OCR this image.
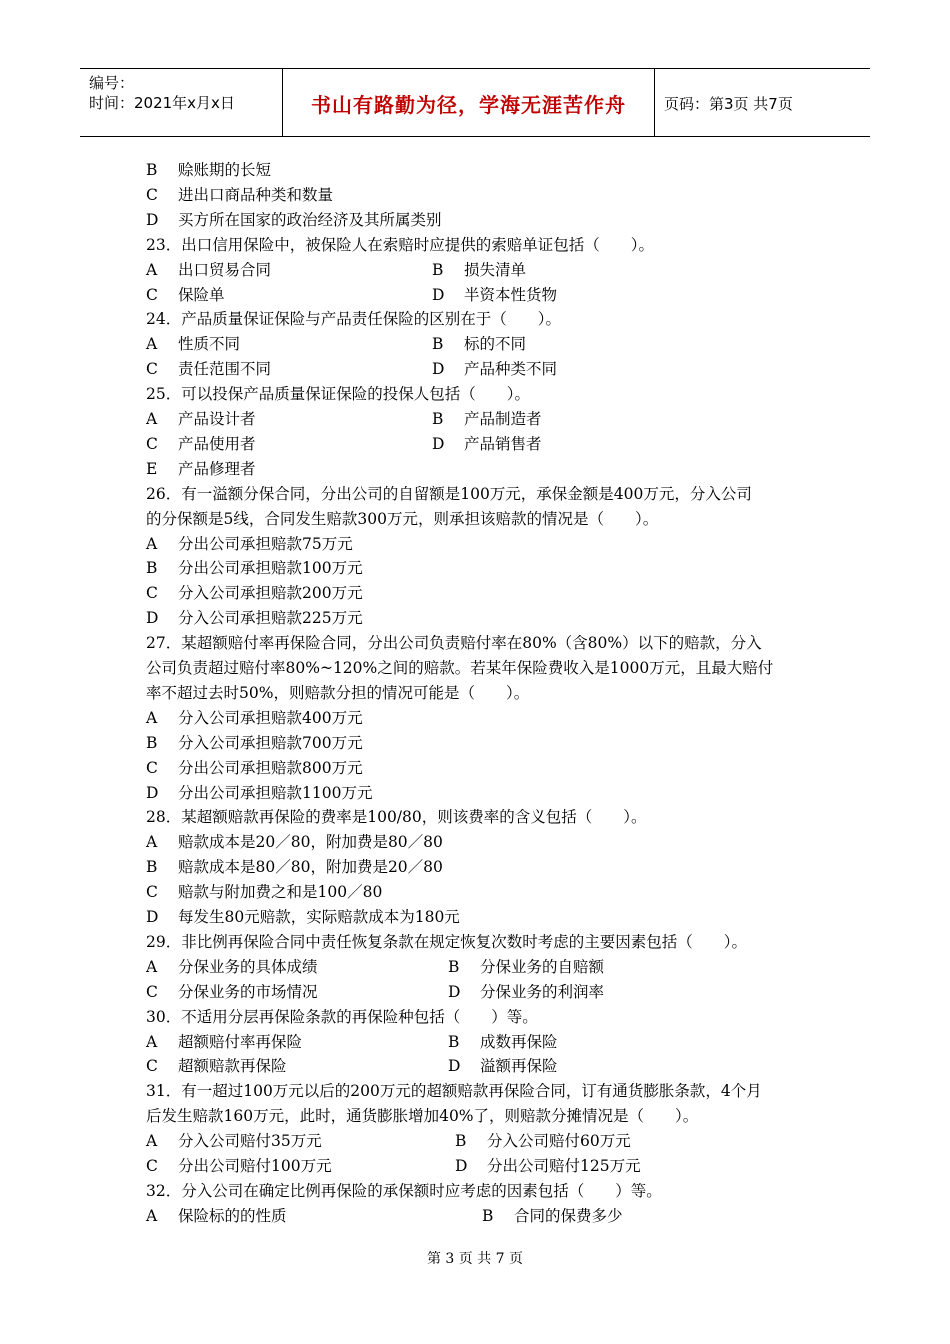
编号：
时间：2021年x月x日	书山有路勤为径，学海无涯苦作舟	页码：第3页 共7页
B 赊账期的长短
C 进出口商品种类和数量
D 买方所在国家的政治经济及其所属类别
23．出口信用保险中，被保险人在索赔时应提供的索赔单证包括（　　）。
A 出口贸易合同	B 损失清单
C 保险单	D 半资本性货物
24．产品质量保证保险与产品责任保险的区别在于（　　）。
A 性质不同	B 标的不同
C 责任范围不同	D 产品种类不同
25．可以投保产品质量保证保险的投保人包括（　　）。
A 产品设计者	B 产品制造者
C 产品使用者	D 产品销售者
E 产品修理者
26．有一溢额分保合同，分出公司的自留额是100万元，承保金额是400万元，分入公司
的分保额是5线，合同发生赔款300万元，则承担该赔款的情况是（　　）。
A 分出公司承担赔款75万元
B 分出公司承担赔款100万元
C 分入公司承担赔款200万元
D 分入公司承担赔款225万元
27．某超额赔付率再保险合同，分出公司负责赔付率在80%（含80%）以下的赔款，分入
公司负责超过赔付率80%~120%之间的赔款。若某年保险费收入是1000万元，且最大赔付
率不超过去时50%，则赔款分担的情况可能是（　　）。
A 分入公司承担赔款400万元
B 分入公司承担赔款700万元
C 分出公司承担赔款800万元
D 分出公司承担赔款1100万元
28．某超额赔款再保险的费率是100/80，则该费率的含义包括（　　）。
A 赔款成本是20／80，附加费是80／80
B 赔款成本是80／80，附加费是20／80
C 赔款与附加费之和是100／80
D 每发生80元赔款，实际赔款成本为180元
29．非比例再保险合同中责任恢复条款在规定恢复次数时考虑的主要因素包括（　　）。
A 分保业务的具体成绩	B 分保业务的自赔额
C 分保业务的市场情况	D 分保业务的利润率
30．不适用分层再保险条款的再保险种包括（　　）等。
A 超额赔付率再保险	B 成数再保险
C 超额赔款再保险	D 溢额再保险
31．有一超过100万元以后的200万元的超额赔款再保险合同，订有通货膨胀条款，4个月
后发生赔款160万元，此时，通货膨胀增加40%了，则赔款分摊情况是（　　）。
A 分入公司赔付35万元	B 分入公司赔付60万元
C 分出公司赔付100万元	D 分出公司赔付125万元
32．分入公司在确定比例再保险的承保额时应考虑的因素包括（　　）等。
A 保险标的的性质	B 合同的保费多少
第 3 页 共 7 页
